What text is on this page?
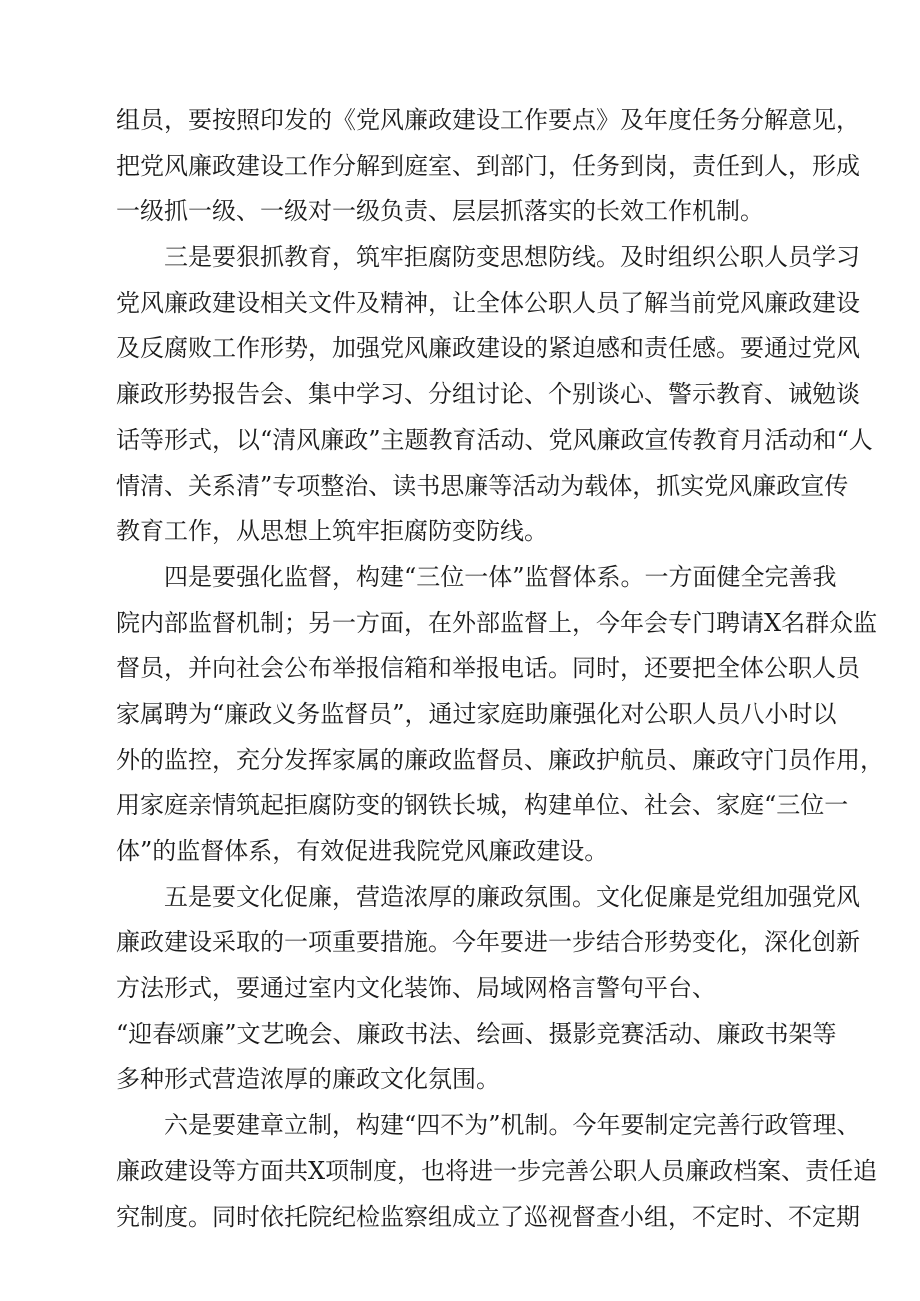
组员，要按照印发的《党风廉政建设工作要点》及年度任务分解意见，
把党风廉政建设工作分解到庭室、到部门，任务到岗，责任到人，形成
一级抓一级、一级对一级负责、层层抓落实的长效工作机制。
三是要狠抓教育，筑牢拒腐防变思想防线。及时组织公职人员学习
党风廉政建设相关文件及精神，让全体公职人员了解当前党风廉政建设
及反腐败工作形势，加强党风廉政建设的紧迫感和责任感。要通过党风
廉政形势报告会、集中学习、分组讨论、个别谈心、警示教育、诫勉谈
话等形式，以“清风廉政”主题教育活动、党风廉政宣传教育月活动和“人
情清、关系清”专项整治、读书思廉等活动为载体，抓实党风廉政宣传
教育工作，从思想上筑牢拒腐防变防线。
四是要强化监督，构建“三位一体”监督体系。一方面健全完善我
院内部监督机制；另一方面，在外部监督上，今年会专门聘请X名群众监
督员，并向社会公布举报信箱和举报电话。同时，还要把全体公职人员
家属聘为“廉政义务监督员”，通过家庭助廉强化对公职人员八小时以
外的监控，充分发挥家属的廉政监督员、廉政护航员、廉政守门员作用，
用家庭亲情筑起拒腐防变的钢铁长城，构建单位、社会、家庭“三位一
体”的监督体系，有效促进我院党风廉政建设。
五是要文化促廉，营造浓厚的廉政氛围。文化促廉是党组加强党风
廉政建设采取的一项重要措施。今年要进一步结合形势变化，深化创新
方法形式，要通过室内文化装饰、局域网格言警句平台、
“迎春颂廉”文艺晚会、廉政书法、绘画、摄影竞赛活动、廉政书架等
多种形式营造浓厚的廉政文化氛围。
六是要建章立制，构建“四不为”机制。今年要制定完善行政管理、
廉政建设等方面共X项制度，也将进一步完善公职人员廉政档案、责任追
究制度。同时依托院纪检监察组成立了巡视督查小组，不定时、不定期
